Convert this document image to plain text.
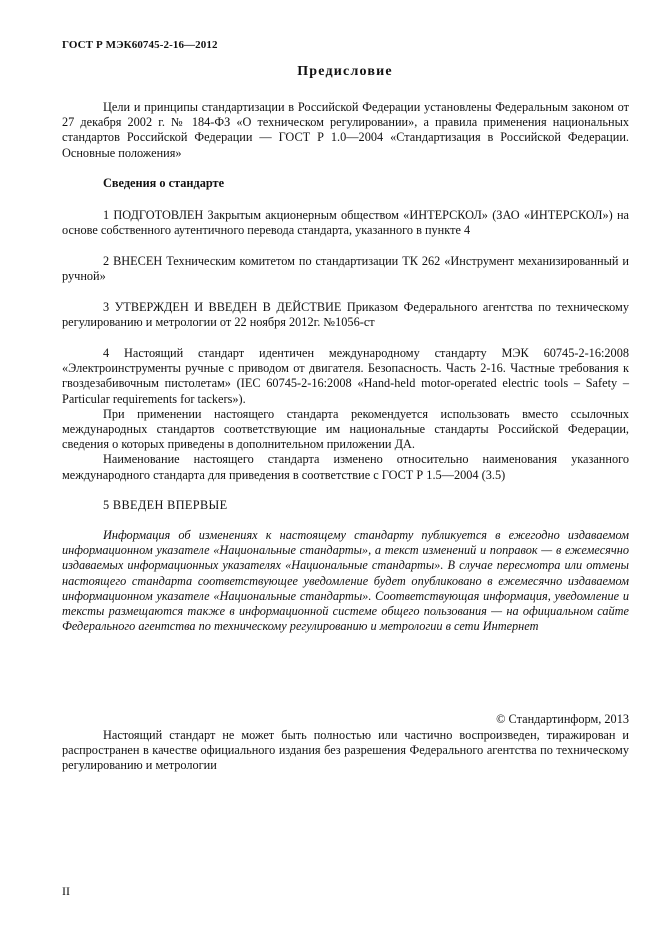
ГОСТ Р МЭК60745-2-16—2012
Предисловие

Цели и принципы стандартизации в Российской Федерации установлены Федеральным законом от 27 декабря 2002 г. № 184-ФЗ «О техническом регулировании», а правила применения национальных стандартов Российской Федерации — ГОСТ Р 1.0—2004 «Стандартизация в Российской Федерации. Основные положения»

Сведения о стандарте

1 ПОДГОТОВЛЕН Закрытым акционерным обществом «ИНТЕРСКОЛ» (ЗАО «ИНТЕРСКОЛ») на основе собственного аутентичного перевода стандарта, указанного в пункте 4

2 ВНЕСЕН Техническим комитетом по стандартизации ТК 262 «Инструмент механизированный и ручной»

3 УТВЕРЖДЕН И ВВЕДЕН В ДЕЙСТВИЕ Приказом Федерального агентства по техническому регулированию и метрологии от 22 ноября 2012г. №1056-ст

4 Настоящий стандарт идентичен международному стандарту МЭК 60745-2-16:2008 «Электроинструменты ручные с приводом от двигателя. Безопасность. Часть 2-16. Частные требования к гвоздезабивочным пистолетам» (IEC 60745-2-16:2008 «Hand-held motor-operated electric tools – Safety – Particular requirements for tackers»).

При применении настоящего стандарта рекомендуется использовать вместо ссылочных международных стандартов соответствующие им национальные стандарты Российской Федерации, сведения о которых приведены в дополнительном приложении ДА.

Наименование настоящего стандарта изменено относительно наименования указанного международного стандарта для приведения в соответствие с ГОСТ Р 1.5—2004 (3.5)

5 ВВЕДЕН ВПЕРВЫЕ

Информация об изменениях к настоящему стандарту публикуется в ежегодно издаваемом информационном указателе «Национальные стандарты», а текст изменений и поправок — в ежемесячно издаваемых информационных указателях «Национальные стандарты». В случае пересмотра или отмены настоящего стандарта соответствующее уведомление будет опубликовано в ежемесячно издаваемом информационном указателе «Национальные стандарты». Соответствующая информация, уведомление и тексты размещаются также в информационной системе общего пользования — на официальном сайте Федерального агентства по техническому регулированию и метрологии в сети Интернет

© Стандартинформ, 2013

Настоящий стандарт не может быть полностью или частично воспроизведен, тиражирован и распространен в качестве официального издания без разрешения Федерального агентства по техническому регулированию и метрологии

II
